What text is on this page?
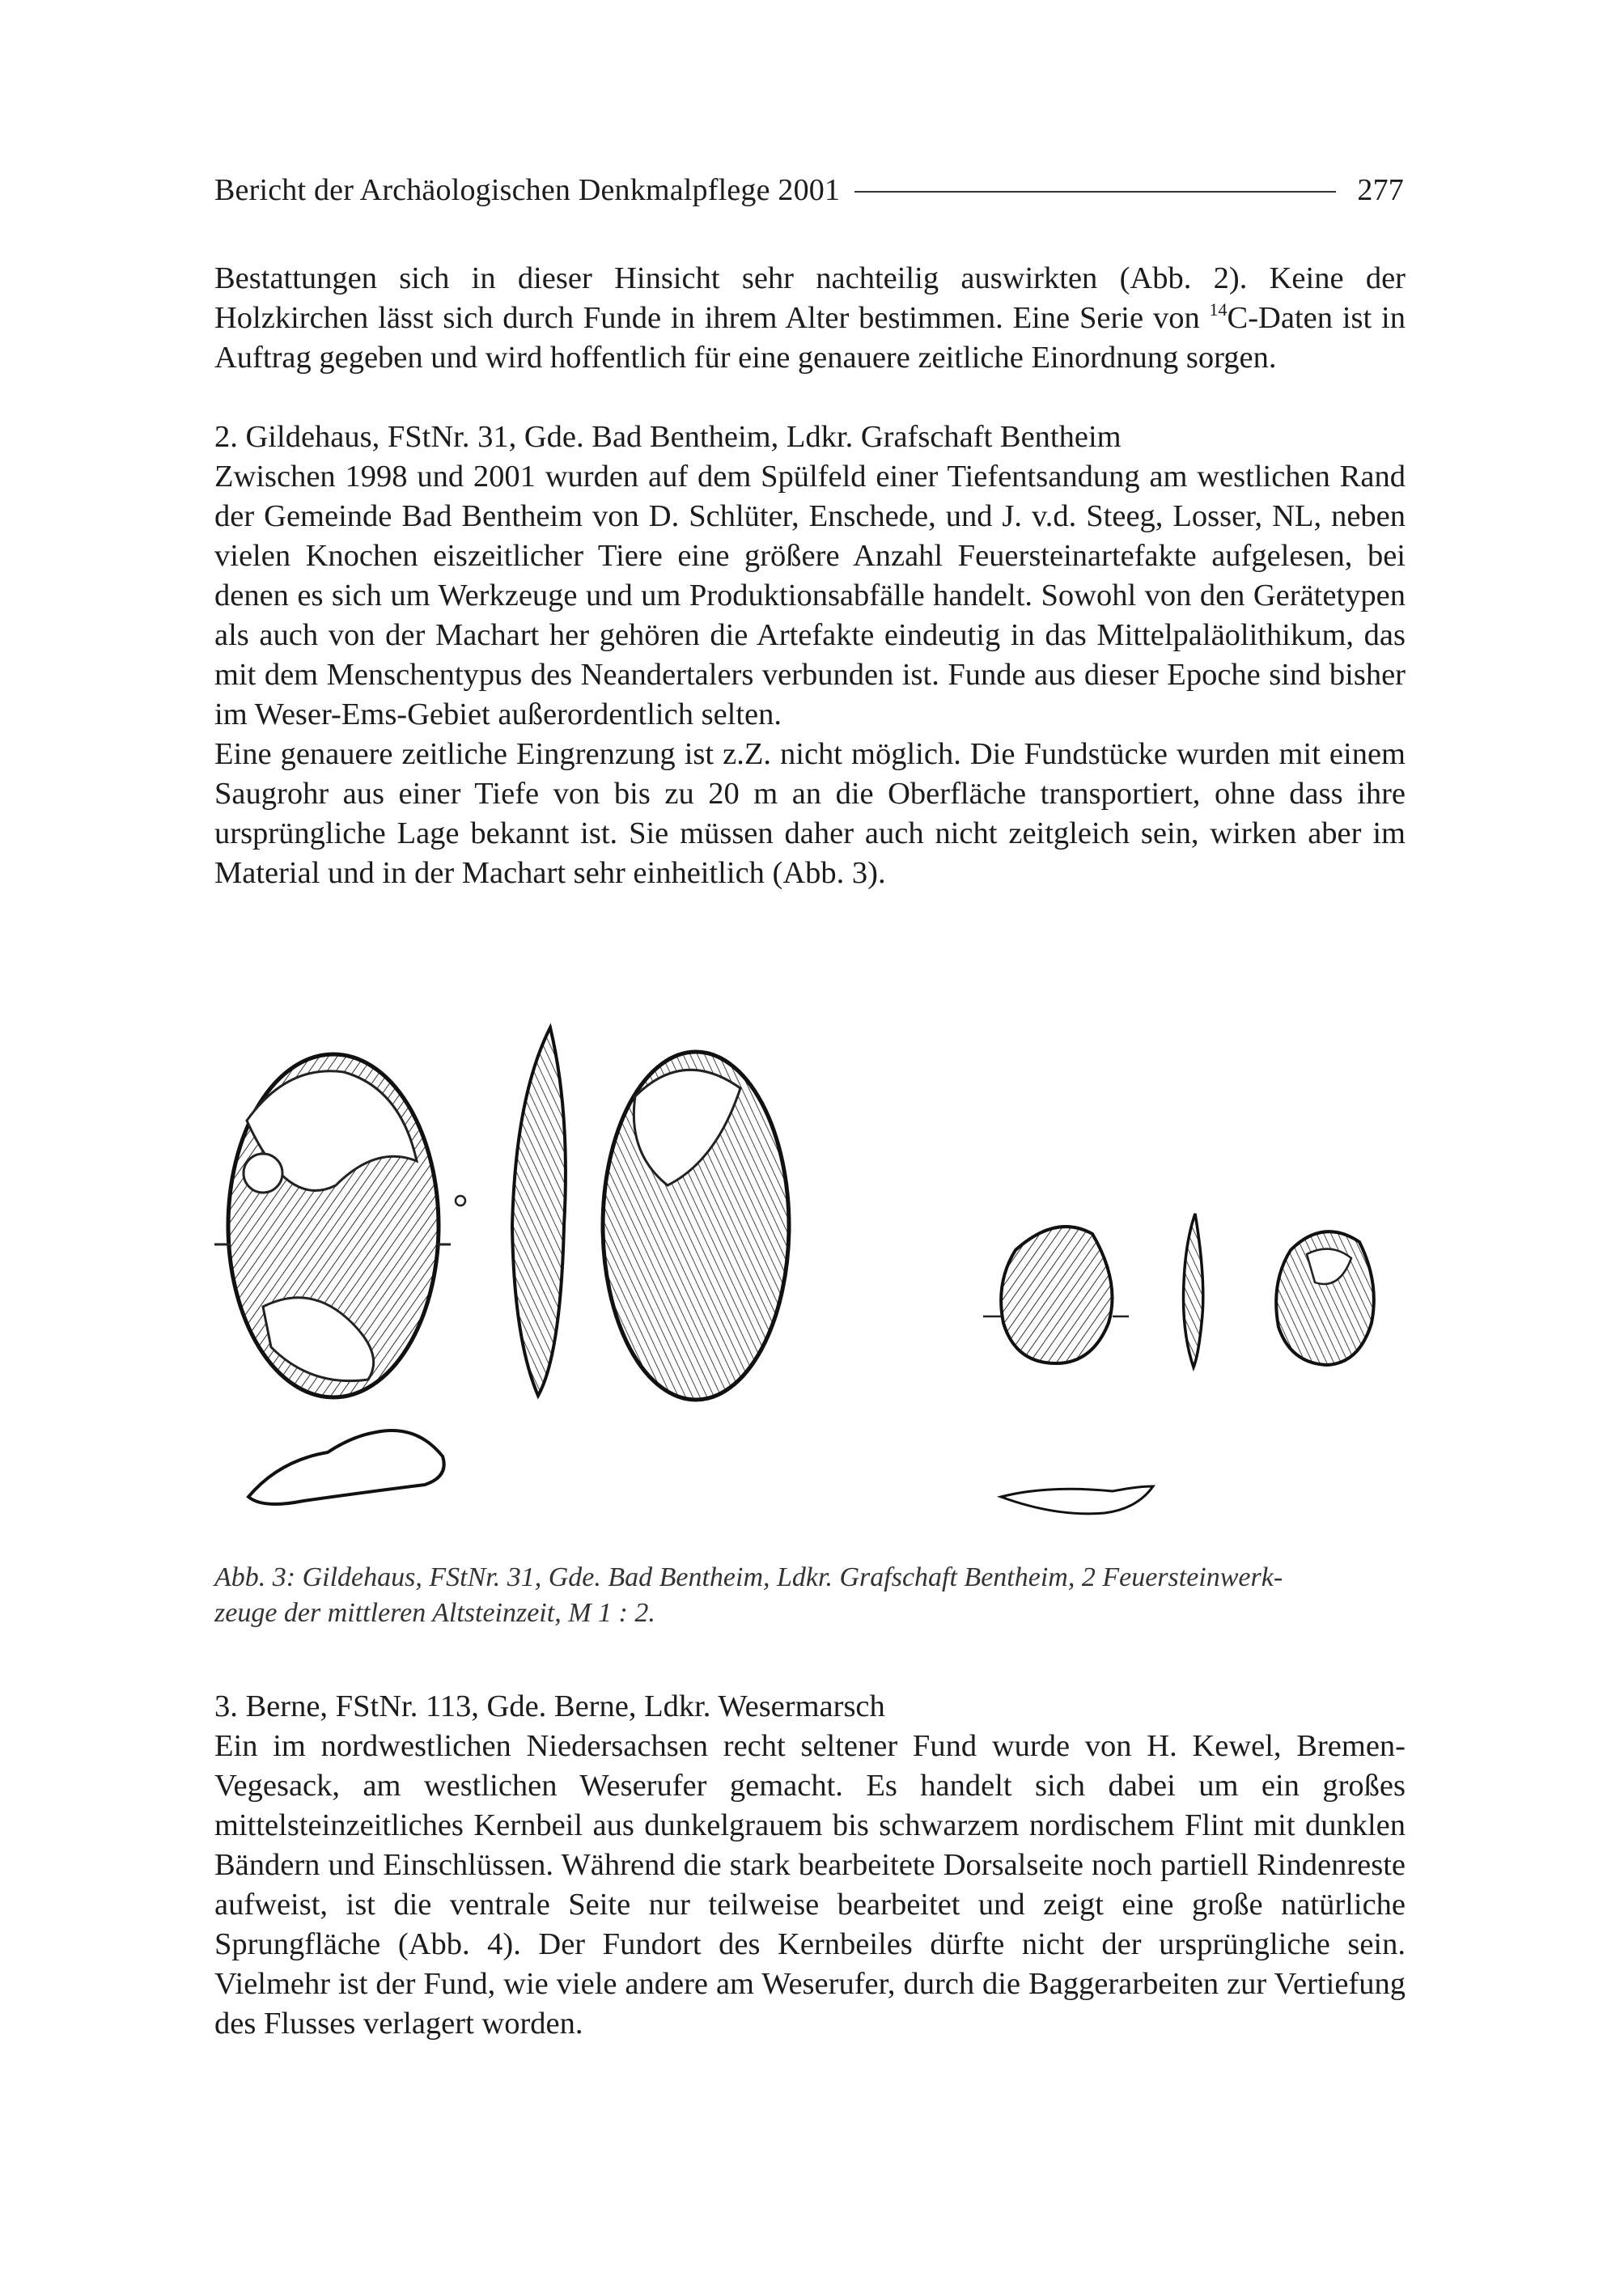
Bericht der Archäologischen Denkmalpflege 2001	277

Bestattungen sich in dieser Hinsicht sehr nachteilig auswirkten (Abb. 2). Keine der Holzkirchen lässt sich durch Funde in ihrem Alter bestimmen. Eine Serie von $^{14}$C-Daten ist in Auftrag gegeben und wird hoffentlich für eine genauere zeitliche Einordnung sorgen.

2. Gildehaus, FStNr. 31, Gde. Bad Bentheim, Ldkr. Grafschaft Bentheim

Zwischen 1998 und 2001 wurden auf dem Spülfeld einer Tiefentsandung am westlichen Rand der Gemeinde Bad Bentheim von D. Schlüter, Enschede, und J. v.d. Steeg, Losser, NL, neben vielen Knochen eiszeitlicher Tiere eine größere Anzahl Feuersteinartefakte aufgelesen, bei denen es sich um Werkzeuge und um Produktionsabfälle handelt. Sowohl von den Gerätetypen als auch von der Machart her gehören die Artefakte eindeutig in das Mittelpaläolithikum, das mit dem Menschentypus des Neandertalers verbunden ist. Funde aus dieser Epoche sind bisher im Weser-Ems-Gebiet außerordentlich selten.

Eine genauere zeitliche Eingrenzung ist z.Z. nicht möglich. Die Fundstücke wurden mit einem Saugrohr aus einer Tiefe von bis zu 20 m an die Oberfläche transportiert, ohne dass ihre ursprüngliche Lage bekannt ist. Sie müssen daher auch nicht zeitgleich sein, wirken aber im Material und in der Machart sehr einheitlich (Abb. 3).

Abb. 3: Gildehaus, FStNr. 31, Gde. Bad Bentheim, Ldkr. Grafschaft Bentheim, 2 Feuersteinwerk-
zeuge der mittleren Altsteinzeit, M 1 : 2.

3. Berne, FStNr. 113, Gde. Berne, Ldkr. Wesermarsch

Ein im nordwestlichen Niedersachsen recht seltener Fund wurde von H. Kewel, Bremen-Vegesack, am westlichen Weserufer gemacht. Es handelt sich dabei um ein großes mittelsteinzeitliches Kernbeil aus dunkelgrauem bis schwarzem nordischem Flint mit dunklen Bändern und Einschlüssen. Während die stark bearbeitete Dorsalseite noch partiell Rindenreste aufweist, ist die ventrale Seite nur teilweise bearbeitet und zeigt eine große natürliche Sprungfläche (Abb. 4). Der Fundort des Kernbeiles dürfte nicht der ursprüngliche sein. Vielmehr ist der Fund, wie viele andere am Weserufer, durch die Baggerarbeiten zur Vertiefung des Flusses verlagert worden.
